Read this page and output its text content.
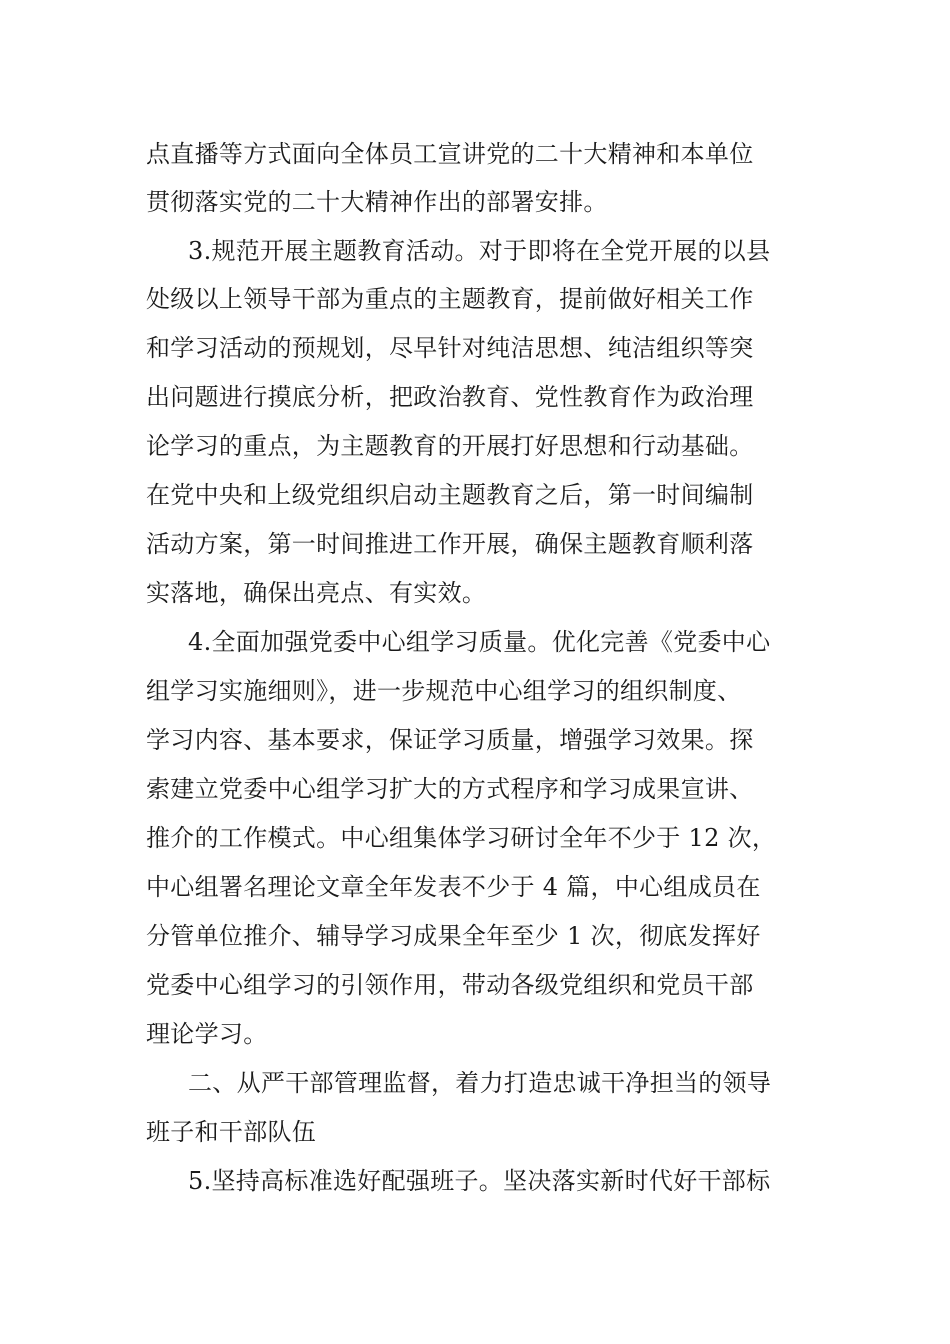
点直播等方式面向全体员工宣讲党的二十大精神和本单位
贯彻落实党的二十大精神作出的部署安排。
3.规范开展主题教育活动。对于即将在全党开展的以县
处级以上领导干部为重点的主题教育，提前做好相关工作
和学习活动的预规划，尽早针对纯洁思想、纯洁组织等突
出问题进行摸底分析，把政治教育、党性教育作为政治理
论学习的重点，为主题教育的开展打好思想和行动基础。
在党中央和上级党组织启动主题教育之后，第一时间编制
活动方案，第一时间推进工作开展，确保主题教育顺利落
实落地，确保出亮点、有实效。
4.全面加强党委中心组学习质量。优化完善《党委中心
组学习实施细则》，进一步规范中心组学习的组织制度、
学习内容、基本要求，保证学习质量，增强学习效果。探
索建立党委中心组学习扩大的方式程序和学习成果宣讲、
推介的工作模式。中心组集体学习研讨全年不少于 12 次，
中心组署名理论文章全年发表不少于 4 篇，中心组成员在
分管单位推介、辅导学习成果全年至少 1 次，彻底发挥好
党委中心组学习的引领作用，带动各级党组织和党员干部
理论学习。
二、从严干部管理监督，着力打造忠诚干净担当的领导
班子和干部队伍
5.坚持高标准选好配强班子。坚决落实新时代好干部标
